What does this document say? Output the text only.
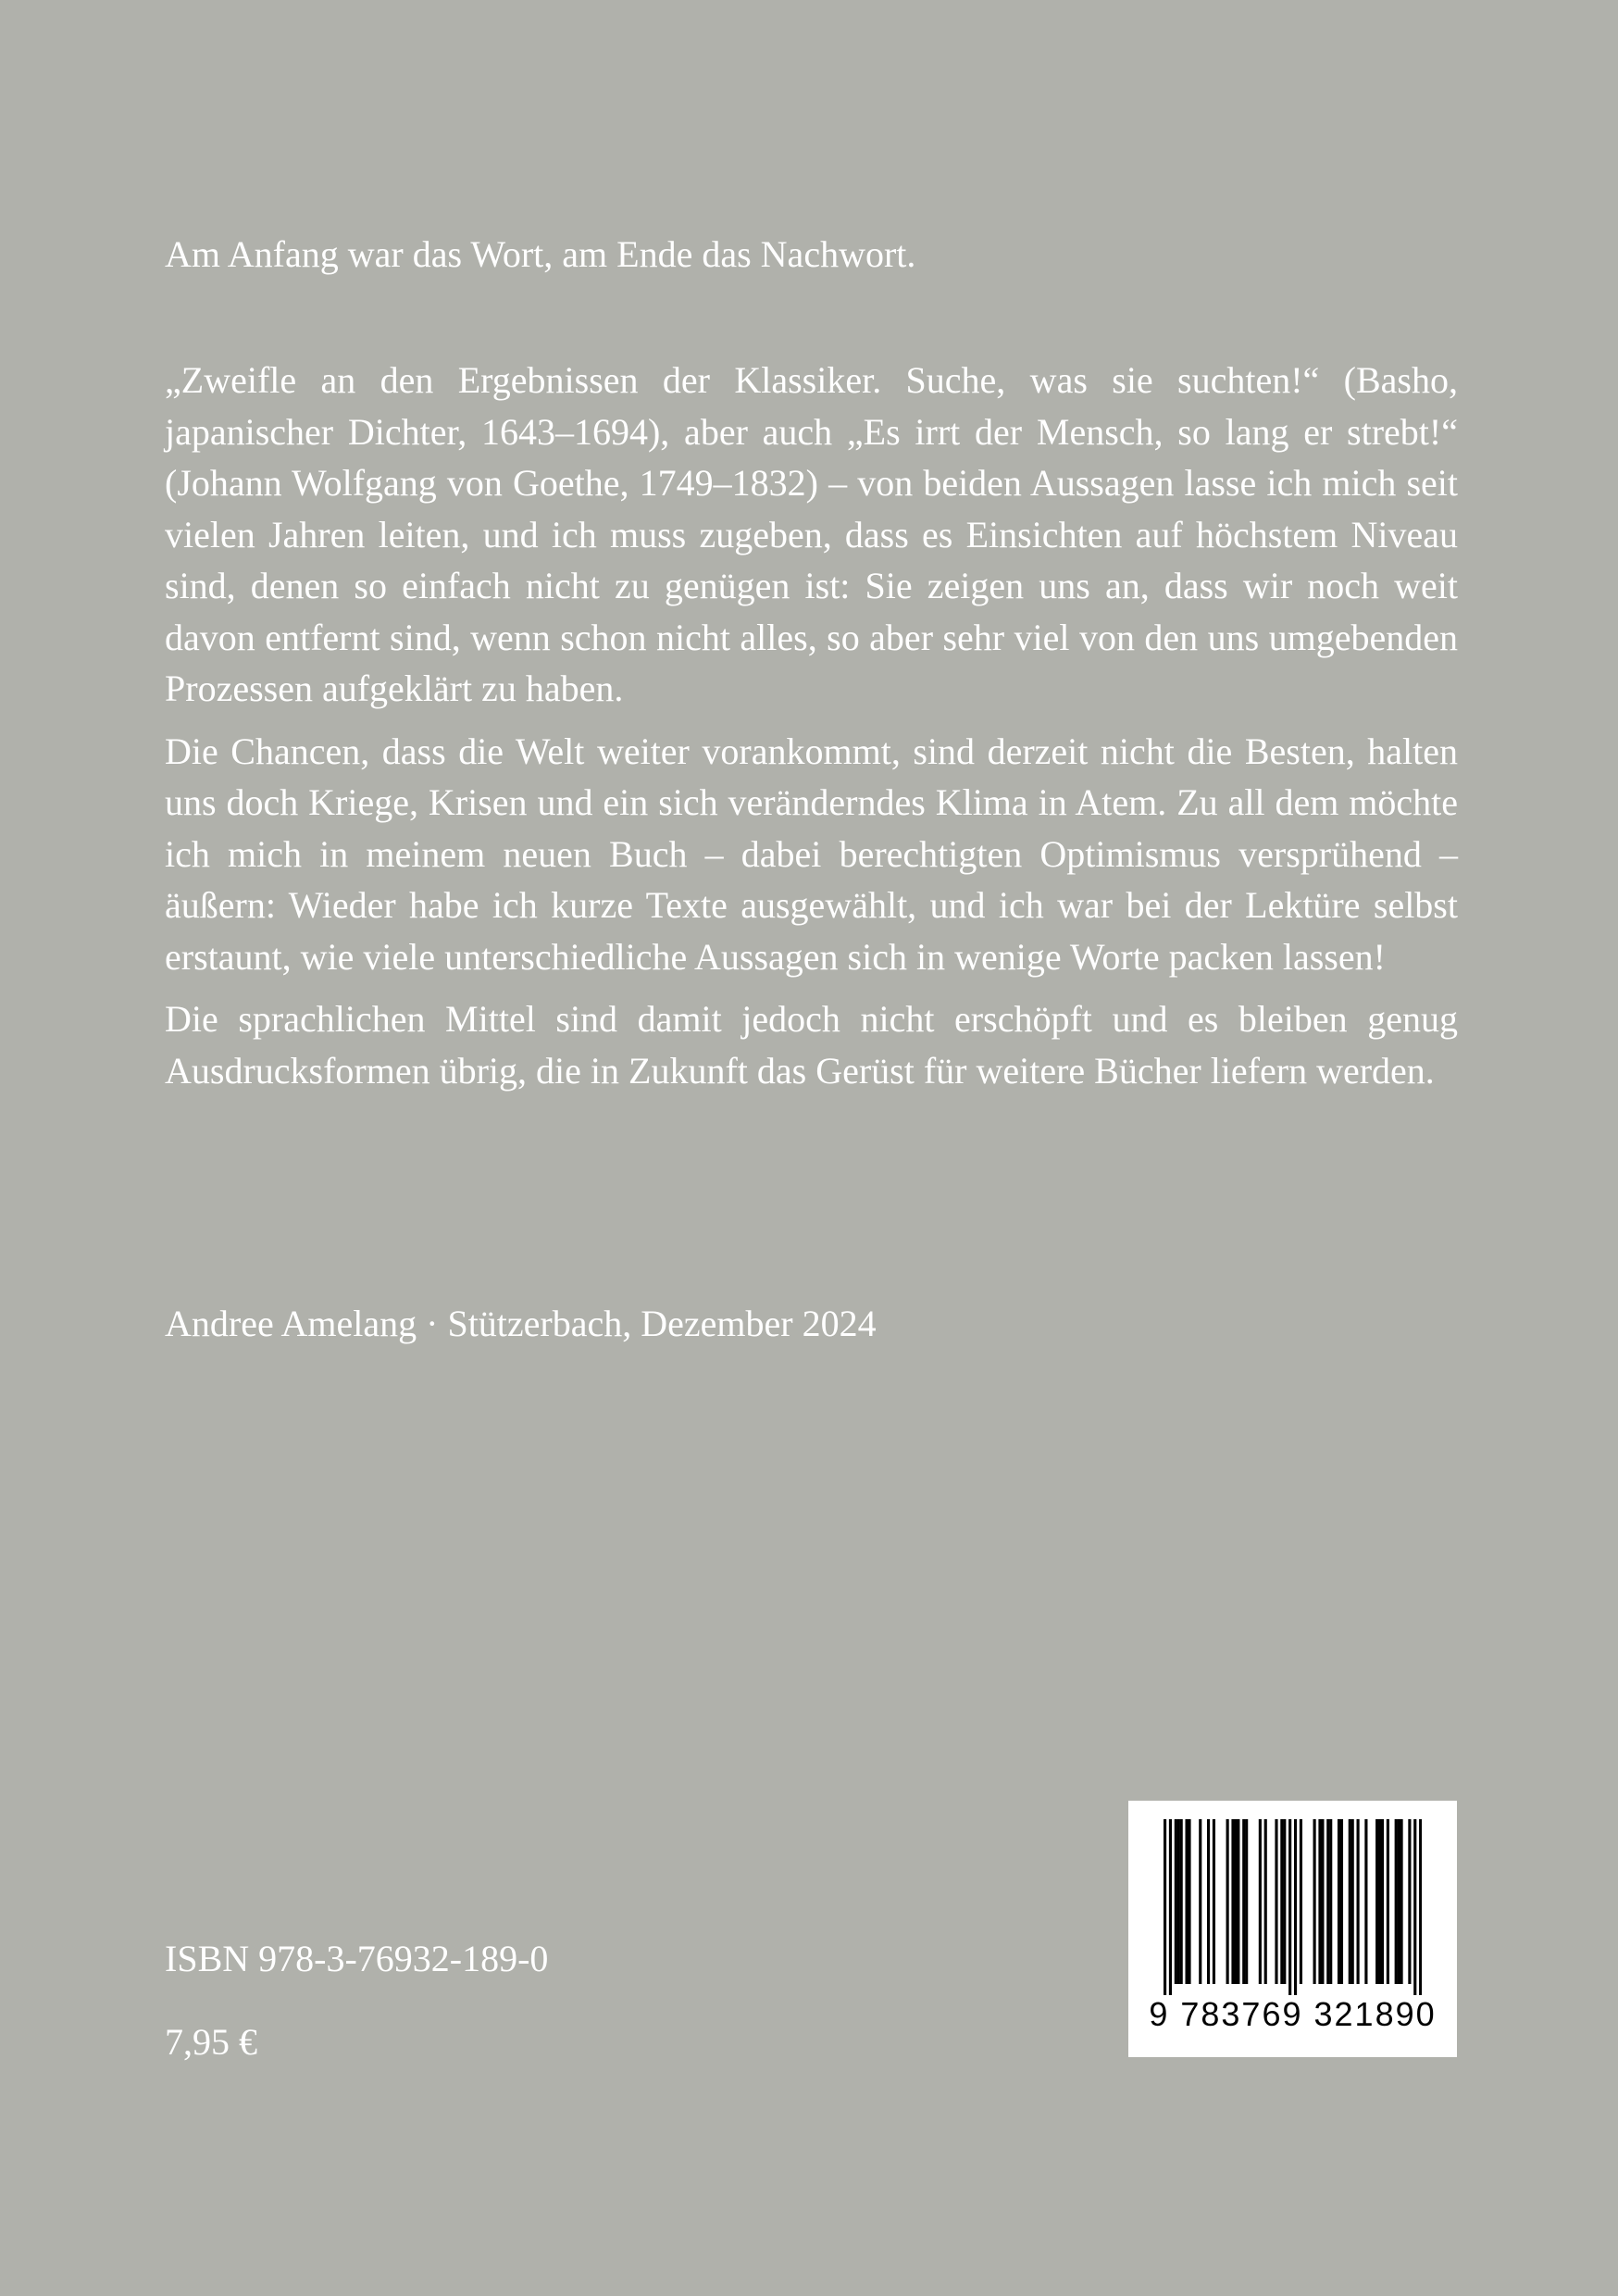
Am Anfang war das Wort, am Ende das Nachwort.

„Zweifle an den Ergebnissen der Klassiker. Suche, was sie suchten!“ (Basho, japanischer Dichter, 1643–1694), aber auch „Es irrt der Mensch, so lang er strebt!“ (Johann Wolfgang von Goethe, 1749–1832) – von beiden Aussagen lasse ich mich seit vielen Jahren leiten, und ich muss zugeben, dass es Einsichten auf höchstem Niveau sind, denen so einfach nicht zu genügen ist: Sie zeigen uns an, dass wir noch weit davon entfernt sind, wenn schon nicht alles, so aber sehr viel von den uns umgebenden Prozessen aufgeklärt zu haben.

Die Chancen, dass die Welt weiter vorankommt, sind derzeit nicht die Besten, halten uns doch Kriege, Krisen und ein sich veränderndes Klima in Atem. Zu all dem möchte ich mich in meinem neuen Buch – dabei berechtigten Optimismus versprühend – äußern: Wieder habe ich kurze Texte ausgewählt, und ich war bei der Lektüre selbst erstaunt, wie viele unterschiedliche Aussagen sich in wenige Worte packen lassen!

Die sprachlichen Mittel sind damit jedoch nicht erschöpft und es bleiben genug Ausdrucksformen übrig, die in Zukunft das Gerüst für weitere Bücher liefern werden.

Andree Amelang · Stützerbach, Dezember 2024
ISBN 978-3-76932-189-0
7,95 €
9 783769 321890
